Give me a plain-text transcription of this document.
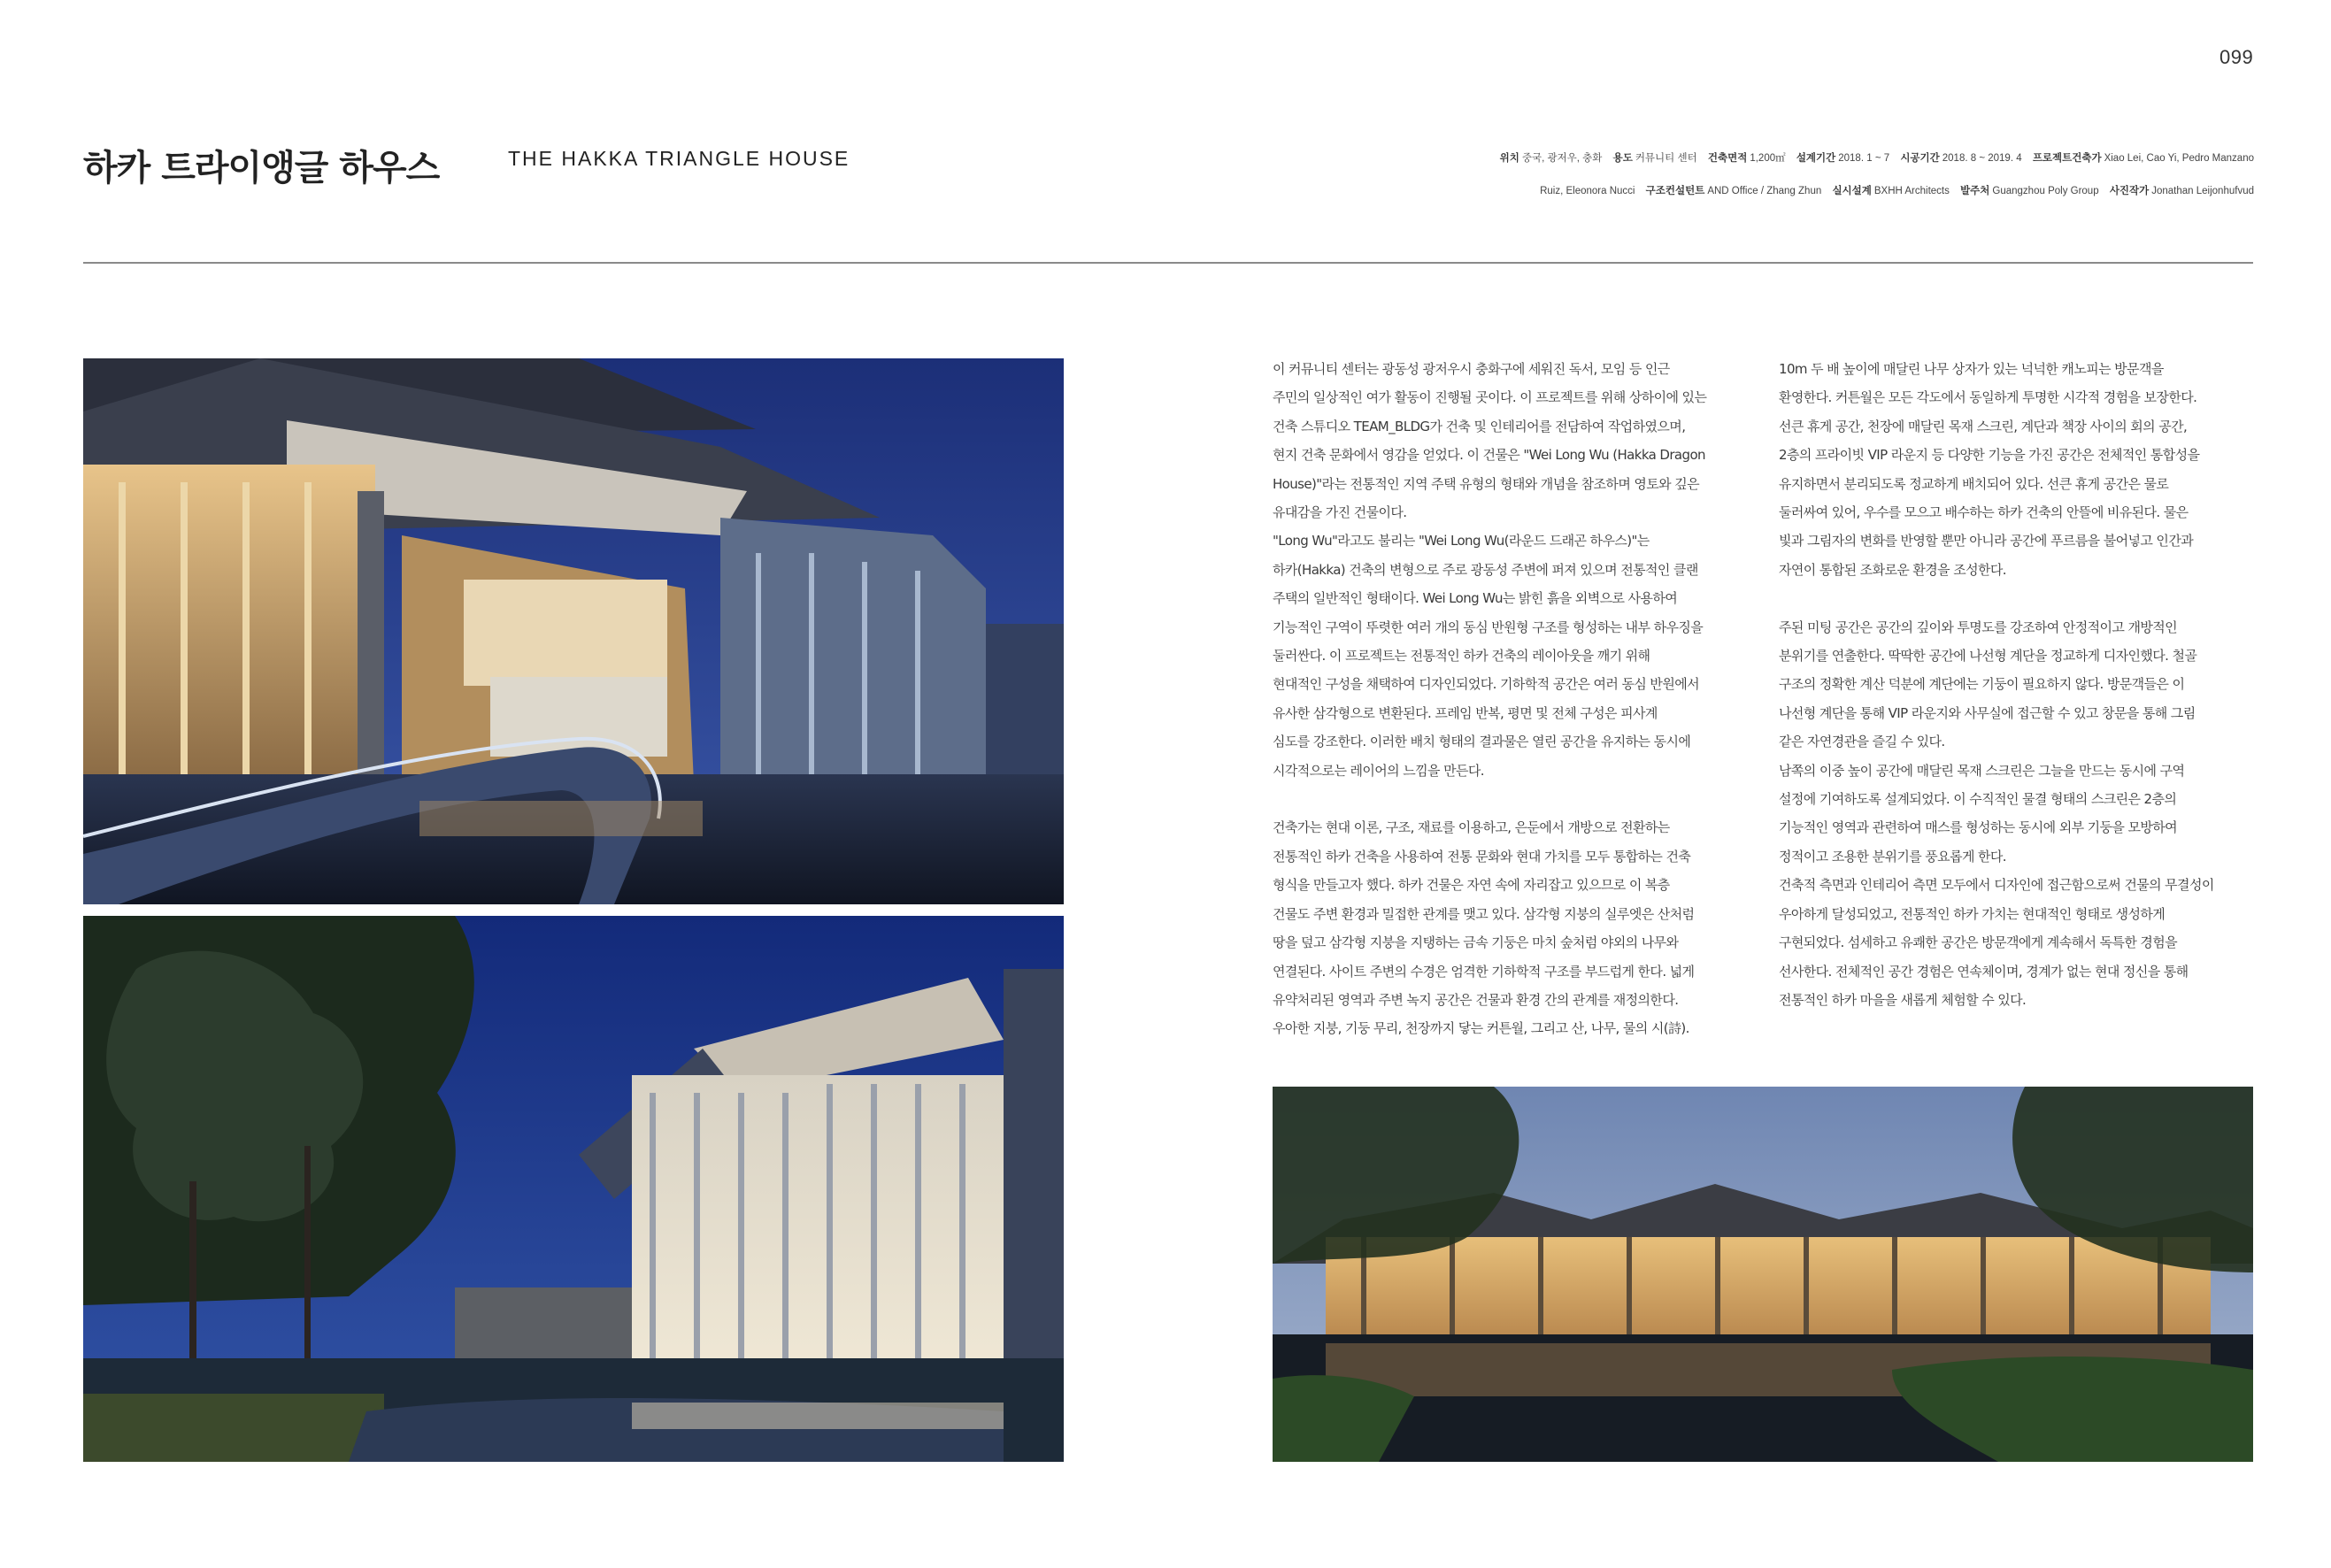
099
하카 트라이앵글 하우스	THE HAKKA TRIANGLE HOUSE	위치 중국, 광저우, 충화 용도 커뮤니티 센터 건축면적 1,200㎡ 설계기간 2018. 1 ~ 7 시공기간 2018. 8 ~ 2019. 4 프로젝트건축가 Xiao Lei, Cao Yi, Pedro Manzano
Ruiz, Eleonora Nucci 구조컨설턴트 AND Office / Zhang Zhun 실시설계 BXHH Architects 발주처 Guangzhou Poly Group 사진작가 Jonathan Leijonhufvud

이 커뮤니티 센터는 광동성 광저우시 충화구에 세워진 독서, 모임 등 인근

주민의 일상적인 여가 활동이 진행될 곳이다. 이 프로젝트를 위해 상하이에 있는

건축 스튜디오 TEAM_BLDG가 건축 및 인테리어를 전담하여 작업하였으며,

현지 건축 문화에서 영감을 얻었다. 이 건물은 "Wei Long Wu (Hakka Dragon

House)"라는 전통적인 지역 주택 유형의 형태와 개념을 참조하며 영토와 깊은

유대감을 가진 건물이다.

"Long Wu"라고도 불리는 "Wei Long Wu(라운드 드래곤 하우스)"는

하카(Hakka) 건축의 변형으로 주로 광동성 주변에 퍼져 있으며 전통적인 클랜

주택의 일반적인 형태이다. Wei Long Wu는 밝힌 흙을 외벽으로 사용하여

기능적인 구역이 뚜렷한 여러 개의 동심 반원형 구조를 형성하는 내부 하우징을

둘러싼다. 이 프로젝트는 전통적인 하카 건축의 레이아웃을 깨기 위해

현대적인 구성을 채택하여 디자인되었다. 기하학적 공간은 여러 동심 반원에서

유사한 삼각형으로 변환된다. 프레임 반복, 평면 및 전체 구성은 피사계

심도를 강조한다. 이러한 배치 형태의 결과물은 열린 공간을 유지하는 동시에

시각적으로는 레이어의 느낌을 만든다.

건축가는 현대 이론, 구조, 재료를 이용하고, 은둔에서 개방으로 전환하는

전통적인 하카 건축을 사용하여 전통 문화와 현대 가치를 모두 통합하는 건축

형식을 만들고자 했다. 하카 건물은 자연 속에 자리잡고 있으므로 이 복층

건물도 주변 환경과 밀접한 관계를 맺고 있다. 삼각형 지붕의 실루엣은 산처럼

땅을 덮고 삼각형 지붕을 지탱하는 금속 기둥은 마치 숲처럼 야외의 나무와

연결된다. 사이트 주변의 수경은 엄격한 기하학적 구조를 부드럽게 한다. 넓게

유약처리된 영역과 주변 녹지 공간은 건물과 환경 간의 관계를 재정의한다.

우아한 지붕, 기둥 무리, 천장까지 닿는 커튼월, 그리고 산, 나무, 물의 시(詩).

10m 두 배 높이에 매달린 나무 상자가 있는 넉넉한 캐노피는 방문객을

환영한다. 커튼월은 모든 각도에서 동일하게 투명한 시각적 경험을 보장한다.

선큰 휴게 공간, 천장에 매달린 목재 스크린, 계단과 책장 사이의 회의 공간,

2층의 프라이빗 VIP 라운지 등 다양한 기능을 가진 공간은 전체적인 통합성을

유지하면서 분리되도록 정교하게 배치되어 있다. 선큰 휴게 공간은 물로

둘러싸여 있어, 우수를 모으고 배수하는 하카 건축의 안뜰에 비유된다. 물은

빛과 그림자의 변화를 반영할 뿐만 아니라 공간에 푸르름을 불어넣고 인간과

자연이 통합된 조화로운 환경을 조성한다.

주된 미팅 공간은 공간의 깊이와 투명도를 강조하여 안정적이고 개방적인

분위기를 연출한다. 딱딱한 공간에 나선형 계단을 정교하게 디자인했다. 철골

구조의 정확한 계산 덕분에 계단에는 기둥이 필요하지 않다. 방문객들은 이

나선형 계단을 통해 VIP 라운지와 사무실에 접근할 수 있고 창문을 통해 그림

같은 자연경관을 즐길 수 있다.

남쪽의 이중 높이 공간에 매달린 목재 스크린은 그늘을 만드는 동시에 구역

설정에 기여하도록 설계되었다. 이 수직적인 물결 형태의 스크린은 2층의

기능적인 영역과 관련하여 매스를 형성하는 동시에 외부 기둥을 모방하여

정적이고 조용한 분위기를 풍요롭게 한다.

건축적 측면과 인테리어 측면 모두에서 디자인에 접근함으로써 건물의 무결성이

우아하게 달성되었고, 전통적인 하카 가치는 현대적인 형태로 생성하게

구현되었다. 섬세하고 유쾌한 공간은 방문객에게 계속해서 독특한 경험을

선사한다. 전체적인 공간 경험은 연속체이며, 경계가 없는 현대 정신을 통해

전통적인 하카 마을을 새롭게 체험할 수 있다.
